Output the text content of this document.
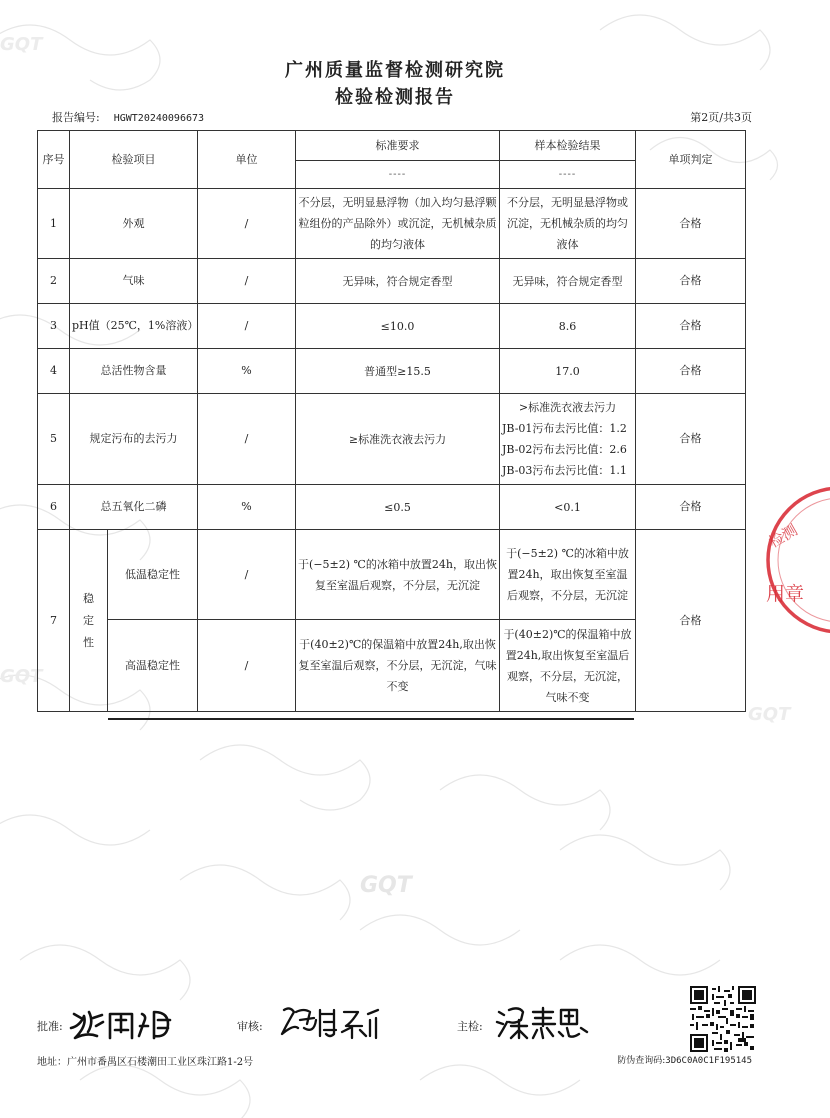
GQT
GQT
GQT
GQT
广州质量监督检测研究院
检验检测报告
报告编号: HGWT20240096673	第2页/共3页
序号	检验项目		单位	标准要求	样本检验结果	单项判定
				----	----	
1	外观		/	不分层，无明显悬浮物（加入均匀悬浮颗粒组份的产品除外）或沉淀，无机械杂质的均匀液体	不分层，无明显悬浮物或沉淀，无机械杂质的均匀液体	合格
2	气味		/	无异味，符合规定香型	无异味，符合规定香型	合格
3	pH值（25℃，1%溶液）		/	≤10.0	8.6	合格
4	总活性物含量		%	普通型≥15.5	17.0	合格
5	规定污布的去污力		/	≥标准洗衣液去污力	>标准洗衣液去污力
JB-01污布去污比值：1.2
JB-02污布去污比值：2.6
JB-03污布去污比值：1.1	合格
6	总五氧化二磷		%	≤0.5	<0.1	合格
7	稳定性	低温稳定性	/	于(−5±2) ℃的冰箱中放置24h，取出恢复至室温后观察，不分层，无沉淀	于(−5±2) ℃的冰箱中放置24h，取出恢复至室温后观察，不分层，无沉淀	合格
		高温稳定性	/	于(40±2)℃的保温箱中放置24h,取出恢复至室温后观察，不分层，无沉淀，气味不变	于(40±2)℃的保温箱中放置24h,取出恢复至室温后观察，不分层，无沉淀，气味不变	
用章
检测
批准:	审核:	主检:
地址：广州市番禺区石楼潮田工业区珠江路1-2号	防伪查询码:3D6C0A0C1F195145
